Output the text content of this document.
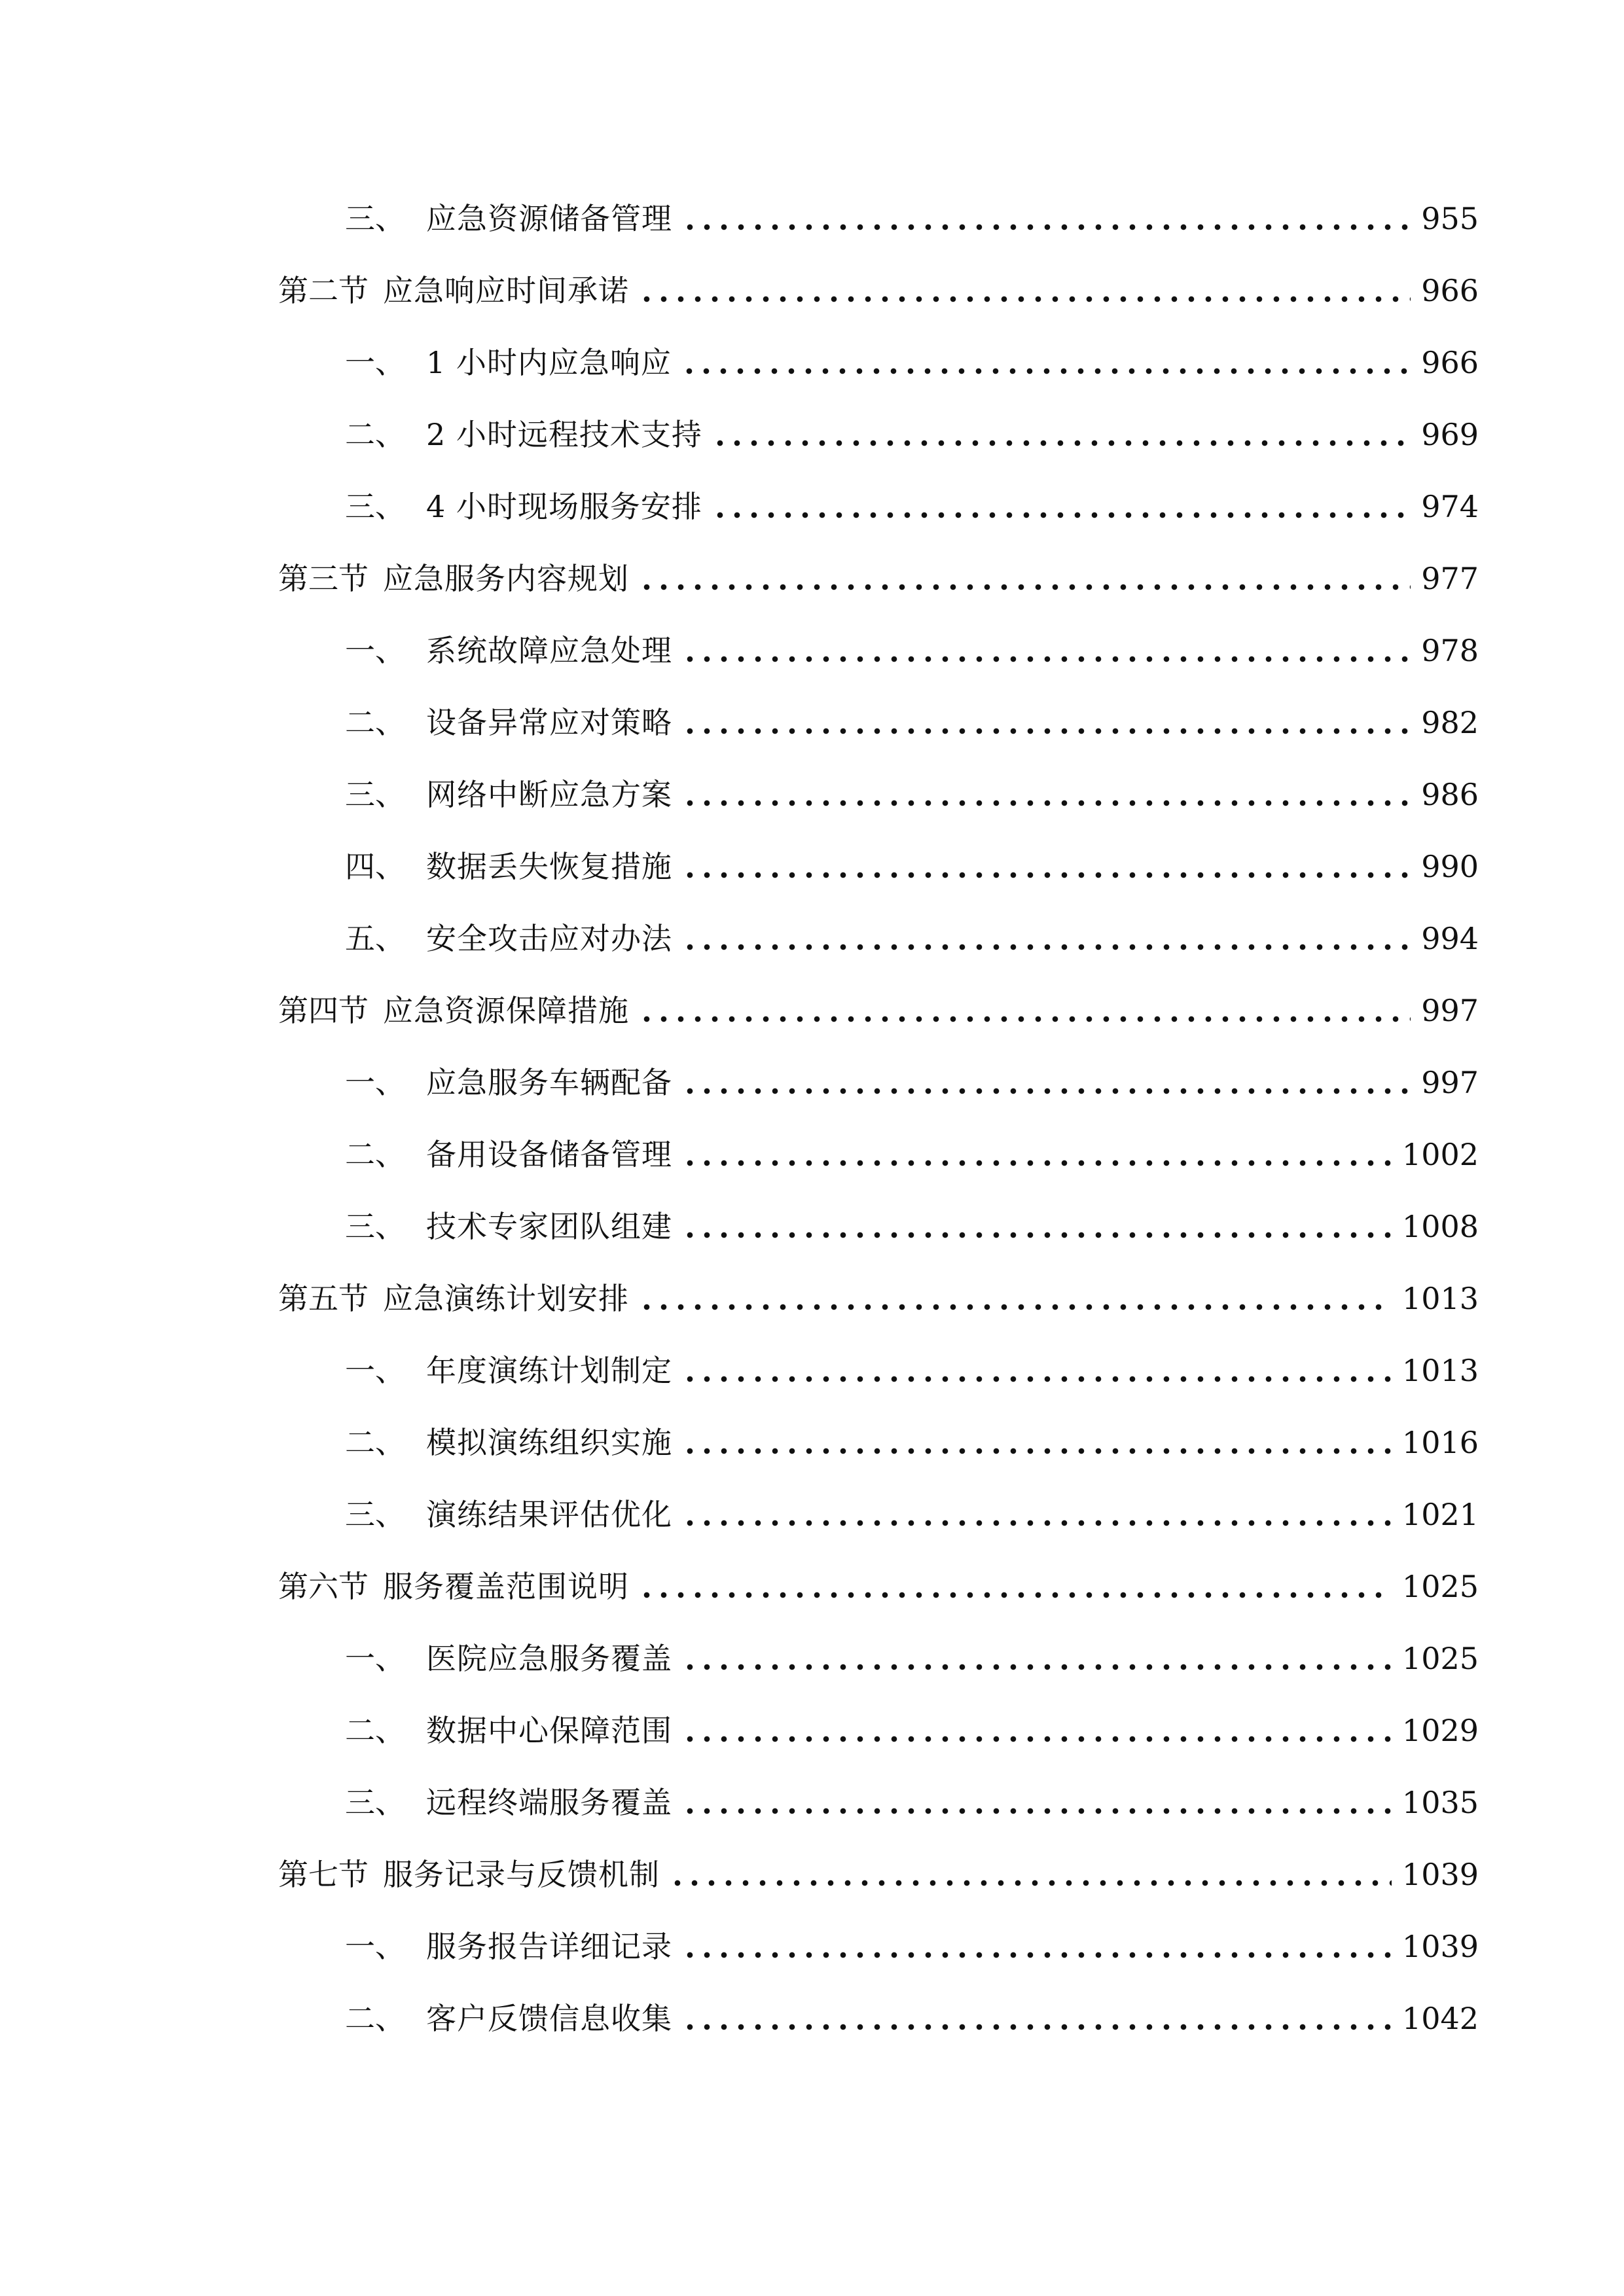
三、 应急资源储备管理	955
第二节 应急响应时间承诺	966
一、 1 小时内应急响应	966
二、 2 小时远程技术支持	969
三、 4 小时现场服务安排	974
第三节 应急服务内容规划	977
一、 系统故障应急处理	978
二、 设备异常应对策略	982
三、 网络中断应急方案	986
四、 数据丢失恢复措施	990
五、 安全攻击应对办法	994
第四节 应急资源保障措施	997
一、 应急服务车辆配备	997
二、 备用设备储备管理	1002
三、 技术专家团队组建	1008
第五节 应急演练计划安排	1013
一、 年度演练计划制定	1013
二、 模拟演练组织实施	1016
三、 演练结果评估优化	1021
第六节 服务覆盖范围说明	1025
一、 医院应急服务覆盖	1025
二、 数据中心保障范围	1029
三、 远程终端服务覆盖	1035
第七节 服务记录与反馈机制	1039
一、 服务报告详细记录	1039
二、 客户反馈信息收集	1042
